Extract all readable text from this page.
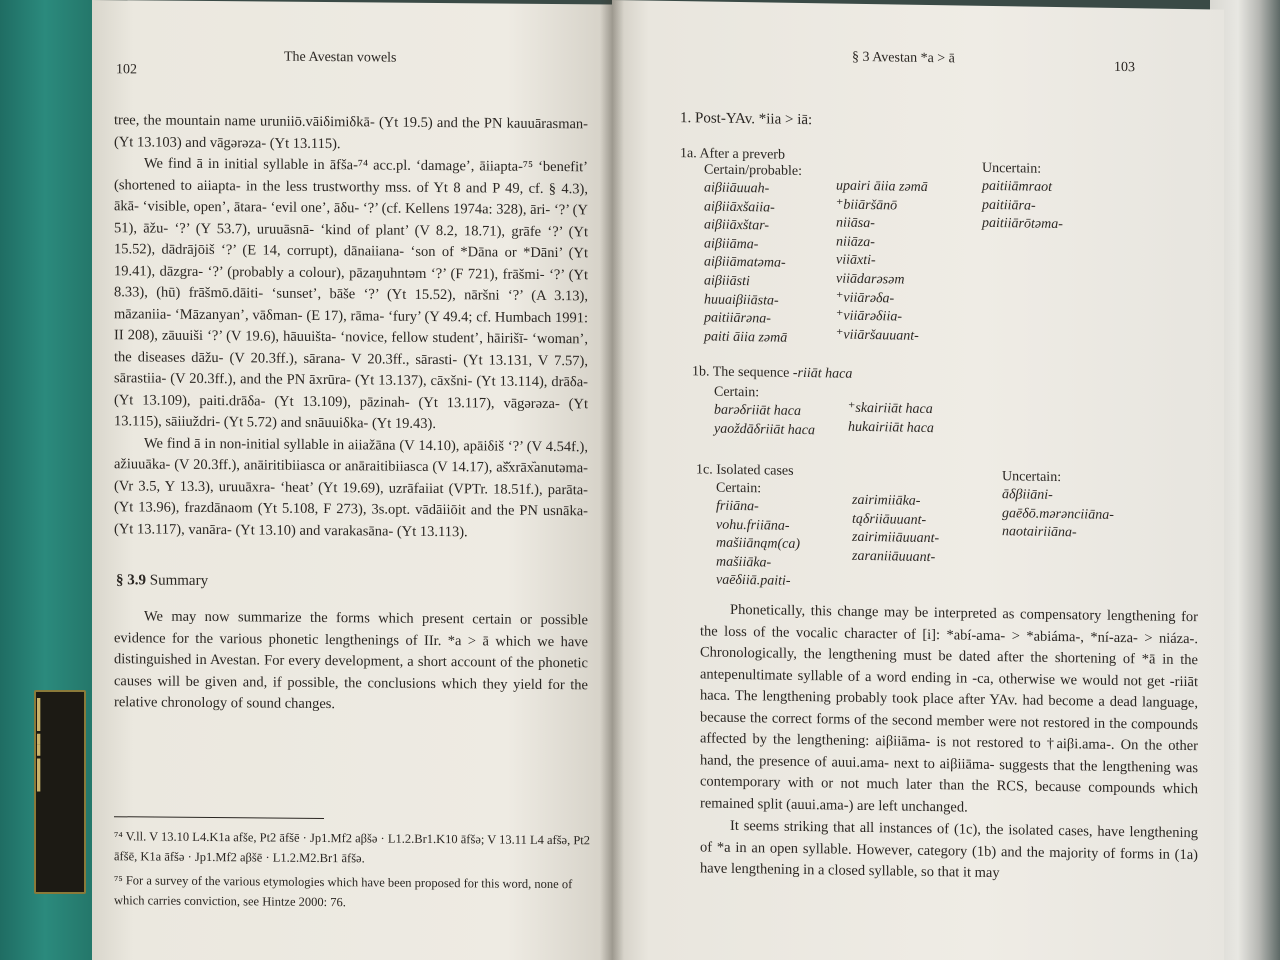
▬▬▬ ▬▬ ▬▬▬
102
The Avestan vowels

tree, the mountain name uruniiō.vāiδimiδkā- (Yt 19.5) and the PN kauuārasman- (Yt 13.103) and vāgərəza- (Yt 13.115).

We find ā in initial syllable in āfša-⁷⁴ acc.pl. ‘damage’, āiiapta-⁷⁵ ‘benefit’ (shortened to aiiapta- in the less trustworthy mss. of Yt 8 and P 49, cf. § 4.3), ākā- ‘visible, open’, ātara- ‘evil one’, āδu- ‘?’ (cf. Kellens 1974a: 328), āri- ‘?’ (Y 51), āžu- ‘?’ (Y 53.7), uruuāsnā- ‘kind of plant’ (V 8.2, 18.71), grāfe ‘?’ (Yt 15.52), dādrājōiš ‘?’ (E 14, corrupt), dānaiiana- ‘son of *Dāna or *Dāni’ (Yt 19.41), dāzgra- ‘?’ (probably a colour), pāzaŋuhntəm ‘?’ (F 721), frāšmi- ‘?’ (Yt 8.33), (hū) frāšmō.dāiti- ‘sunset’, bāše ‘?’ (Yt 15.52), nāršni ‘?’ (A 3.13), māzaniia- ‘Māzanyan’, vāδman- (E 17), rāma- ‘fury’ (Y 49.4; cf. Humbach 1991: II 208), zāuuiši ‘?’ (V 19.6), hāuuišta- ‘novice, fellow student’, hāirišī- ‘woman’, the diseases dāžu- (V 20.3ff.), sārana- V 20.3ff., sārasti- (Yt 13.131, V 7.57), sārastiia- (V 20.3ff.), and the PN āxrūra- (Yt 13.137), cāxšni- (Yt 13.114), drāδa- (Yt 13.109), paiti.drāδa- (Yt 13.109), pāzinah- (Yt 13.117), vāgərəza- (Yt 13.115), sāiiuždri- (Yt 5.72) and snāuuiδka- (Yt 19.43).

We find ā in non-initial syllable in aiiažāna (V 14.10), apāiδiš ‘?’ (V 4.54f.), ažiuuāka- (V 20.3ff.), anāiritibiiasca or anāraitibiiasca (V 14.17), aš̌xrāx᷈anutəma- (Vr 3.5, Y 13.3), uruuāxra- ‘heat’ (Yt 19.69), uzrāfaiiat (VPTr. 18.51f.), parāta- (Yt 13.96), frazdānaom (Yt 5.108, F 273), 3s.opt. vādāiiōit and the PN usnāka- (Yt 13.117), vanāra- (Yt 13.10) and varakasāna- (Yt 13.113).

§ 3.9 Summary

We may now summarize the forms which present certain or possible evidence for the various phonetic lengthenings of IIr. *a > ā which we have distinguished in Avestan. For every development, a short account of the phonetic causes will be given and, if possible, the conclusions which they yield for the relative chronology of sound changes.

⁷⁴ V.ll. V 13.10 L4.K1a afše, Pt2 āfšē · Jp1.Mf2 aβšə · L1.2.Br1.K10 āfšə; V 13.11 L4 afšə, Pt2 āfšē, K1a āfšə · Jp1.Mf2 aβšē · L1.2.M2.Br1 āfšə.
⁷⁵ For a survey of the various etymologies which have been proposed for this word, none of which carries conviction, see Hintze 2000: 76.
§ 3 Avestan *a > ā
103
1. Post-YAv. *iia > iā:
1a. After a preverb
Certain/probable:	Uncertain:
aiβiiāuuah-
aiβiiāxšaiia-
aiβiiāxštar-
aiβiiāma-
aiβiiāmatəma-
aiβiiāsti
huuaiβiiāsta-
paitiiārəna-
paiti āiia zəmā
upairi āiia zəmā
⁺biiāršānō
niiāsa-
niiāza-
viiāxti-
viiādarəsəm
⁺viiārəδa-
⁺viiārəδiia-
⁺viiāršauuant-
paitiiāmraot
paitiiāra-
paitiiārōtəma-
1b. The sequence -riiāt haca
Certain:
barəδriiāt haca
yaoždāδriiāt haca
⁺skairiiāt haca
hukairiiāt haca
1c. Isolated cases
Certain:
Uncertain:
friiāna-
vohu.friiāna-
mašiiānąm(ca)
mašiiāka-
vaēδiiā.paiti-
zairimiiāka-
tąδriiāuuant-
zairimiiāuuant-
zaraniiāuuant-
āδβiiāni-
gaēδō.mərənciiāna-
naotairiiāna-

Phonetically, this change may be interpreted as compensatory lengthening for the loss of the vocalic character of [i]: *abí-ama- > *abiáma-, *ní-aza- > niáza-. Chronologically, the lengthening must be dated after the shortening of *ā in the antepenultimate syllable of a word ending in -ca, otherwise we would not get -riiāt haca. The lengthening probably took place after YAv. had become a dead language, because the correct forms of the second member were not restored in the compounds affected by the lengthening: aiβiiāma- is not restored to †aiβi.ama-. On the other hand, the presence of auui.ama- next to aiβiiāma- suggests that the lengthening was contemporary with or not much later than the RCS, because compounds which remained split (auui.ama-) are left unchanged.

It seems striking that all instances of (1c), the isolated cases, have lengthening of *a in an open syllable. However, category (1b) and the majority of forms in (1a) have lengthening in a closed syllable, so that it may
